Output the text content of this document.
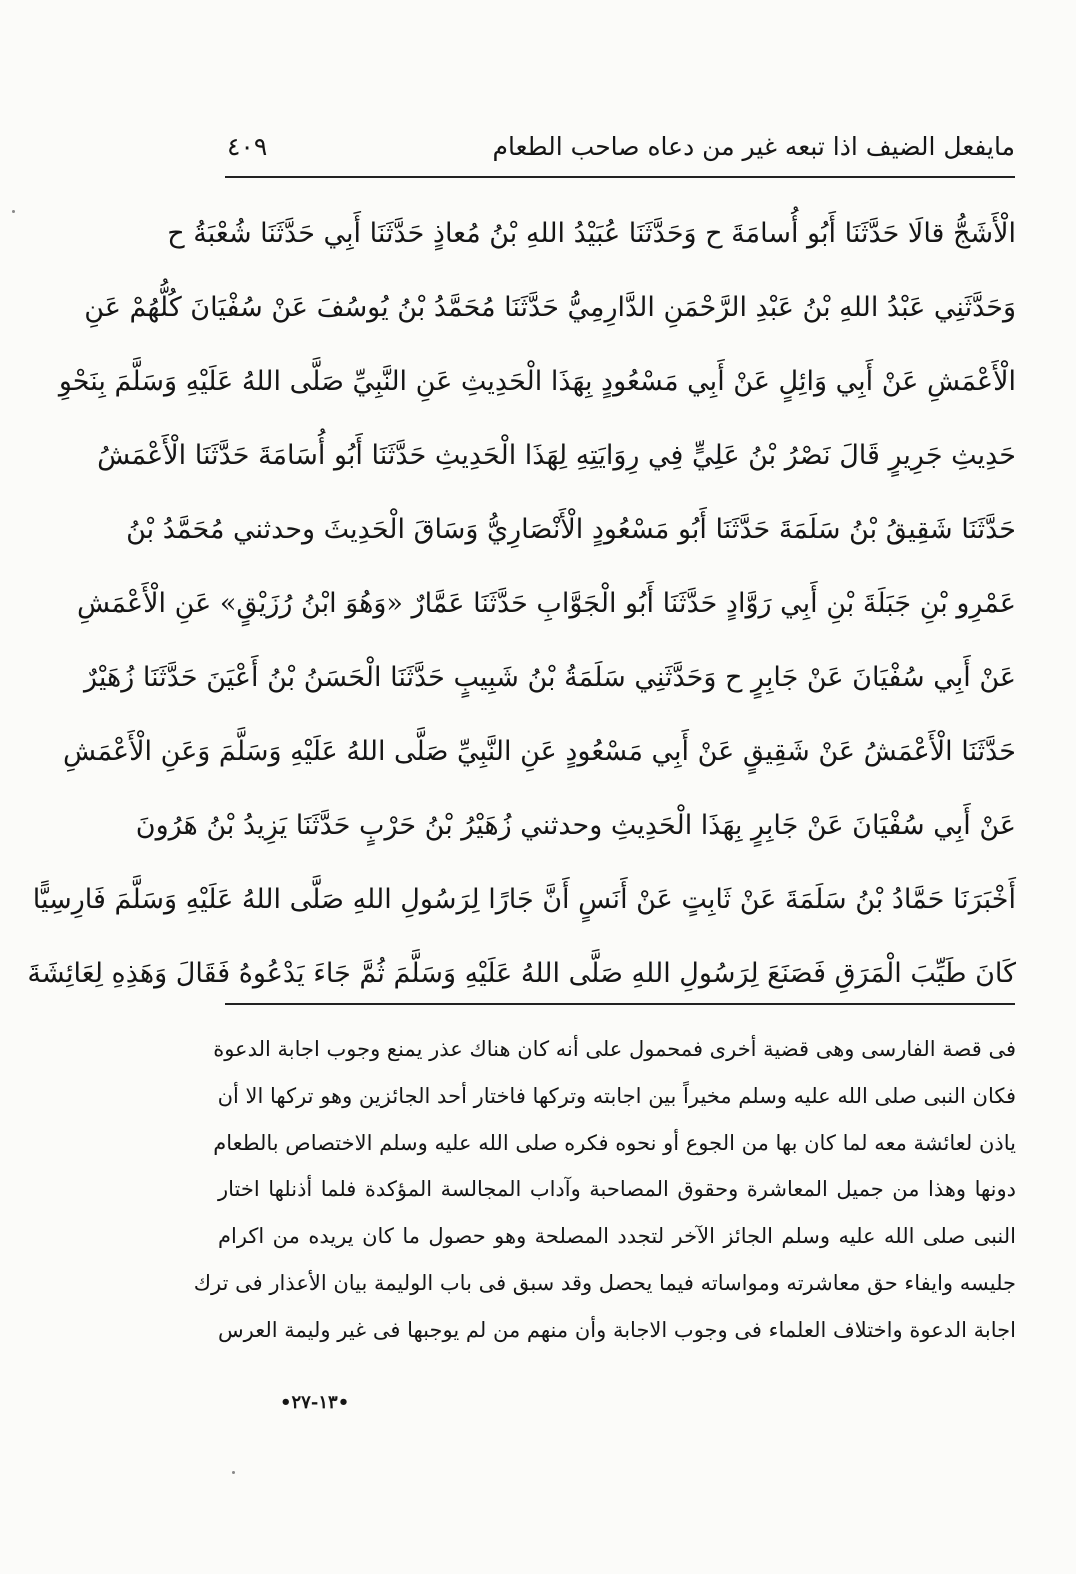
مايفعل الضيف اذا تبعه غير من دعاه صاحب الطعام
٤٠٩
الْأَشَجُّ قالَا حَدَّثَنَا أَبُو أُسامَةَ ح وَحَدَّثَنَا عُبَيْدُ اللهِ بْنُ مُعاذٍ حَدَّثَنَا أَبِي حَدَّثَنَا شُعْبَةُ ح
وَحَدَّثَنِي عَبْدُ اللهِ بْنُ عَبْدِ الرَّحْمَنِ الدَّارِمِيُّ حَدَّثَنَا مُحَمَّدُ بْنُ يُوسُفَ عَنْ سُفْيَانَ كُلُّهُمْ عَنِ
الْأَعْمَشِ عَنْ أَبِي وَائِلٍ عَنْ أَبِي مَسْعُودٍ بِهَذَا الْحَدِيثِ عَنِ النَّبِيِّ صَلَّى اللهُ عَلَيْهِ وَسَلَّمَ بِنَحْوِ
حَدِيثِ جَرِيرٍ قَالَ نَصْرُ بْنُ عَلِيٍّ فِي رِوَايَتِهِ لِهَذَا الْحَدِيثِ حَدَّثَنَا أَبُو أُسَامَةَ حَدَّثَنَا الْأَعْمَشُ
حَدَّثَنَا شَقِيقُ بْنُ سَلَمَةَ حَدَّثَنَا أَبُو مَسْعُودٍ الْأَنْصَارِيُّ وَسَاقَ الْحَدِيثَ وحدثني مُحَمَّدُ بْنُ
عَمْرِو بْنِ جَبَلَةَ بْنِ أَبِي رَوَّادٍ حَدَّثَنَا أَبُو الْجَوَّابِ حَدَّثَنَا عَمَّارٌ «وَهُوَ ابْنُ رُزَيْقٍ» عَنِ الْأَعْمَشِ
عَنْ أَبِي سُفْيَانَ عَنْ جَابِرٍ ح وَحَدَّثَنِي سَلَمَةُ بْنُ شَبِيبٍ حَدَّثَنَا الْحَسَنُ بْنُ أَعْيَنَ حَدَّثَنَا زُهَيْرٌ
حَدَّثَنَا الْأَعْمَشُ عَنْ شَقِيقٍ عَنْ أَبِي مَسْعُودٍ عَنِ النَّبِيِّ صَلَّى اللهُ عَلَيْهِ وَسَلَّمَ وَعَنِ الْأَعْمَشِ
عَنْ أَبِي سُفْيَانَ عَنْ جَابِرٍ بِهَذَا الْحَدِيثِ وحدثني زُهَيْرُ بْنُ حَرْبٍ حَدَّثَنَا يَزِيدُ بْنُ هَرُونَ
أَخْبَرَنَا حَمَّادُ بْنُ سَلَمَةَ عَنْ ثَابِتٍ عَنْ أَنَسٍ أَنَّ جَارًا لِرَسُولِ اللهِ صَلَّى اللهُ عَلَيْهِ وَسَلَّمَ فَارِسِيًّا
كَانَ طَيِّبَ الْمَرَقِ فَصَنَعَ لِرَسُولِ اللهِ صَلَّى اللهُ عَلَيْهِ وَسَلَّمَ ثُمَّ جَاءَ يَدْعُوهُ فَقَالَ وَهَذِهِ لِعَائِشَةَ
فى قصة الفارسى وهى قضية أخرى فمحمول على أنه كان هناك عذر يمنع وجوب اجابة الدعوة
فكان النبى صلى الله عليه وسلم مخيراً بين اجابته وتركها فاختار أحد الجائزين وهو تركها الا أن
ياذن لعائشة معه لما كان بها من الجوع أو نحوه فكره صلى الله عليه وسلم الاختصاص بالطعام
دونها وهذا من جميل المعاشرة وحقوق المصاحبة وآداب المجالسة المؤكدة فلما أذنلها اختار
النبى صلى الله عليه وسلم الجائز الآخر لتجدد المصلحة وهو حصول ما كان يريده من اكرام
جليسه وايفاء حق معاشرته ومواساته فيما يحصل وقد سبق فى باب الوليمة بيان الأعذار فى ترك
اجابة الدعوة واختلاف العلماء فى وجوب الاجابة وأن منهم من لم يوجبها فى غير وليمة العرس
•١٣-٢٧•
